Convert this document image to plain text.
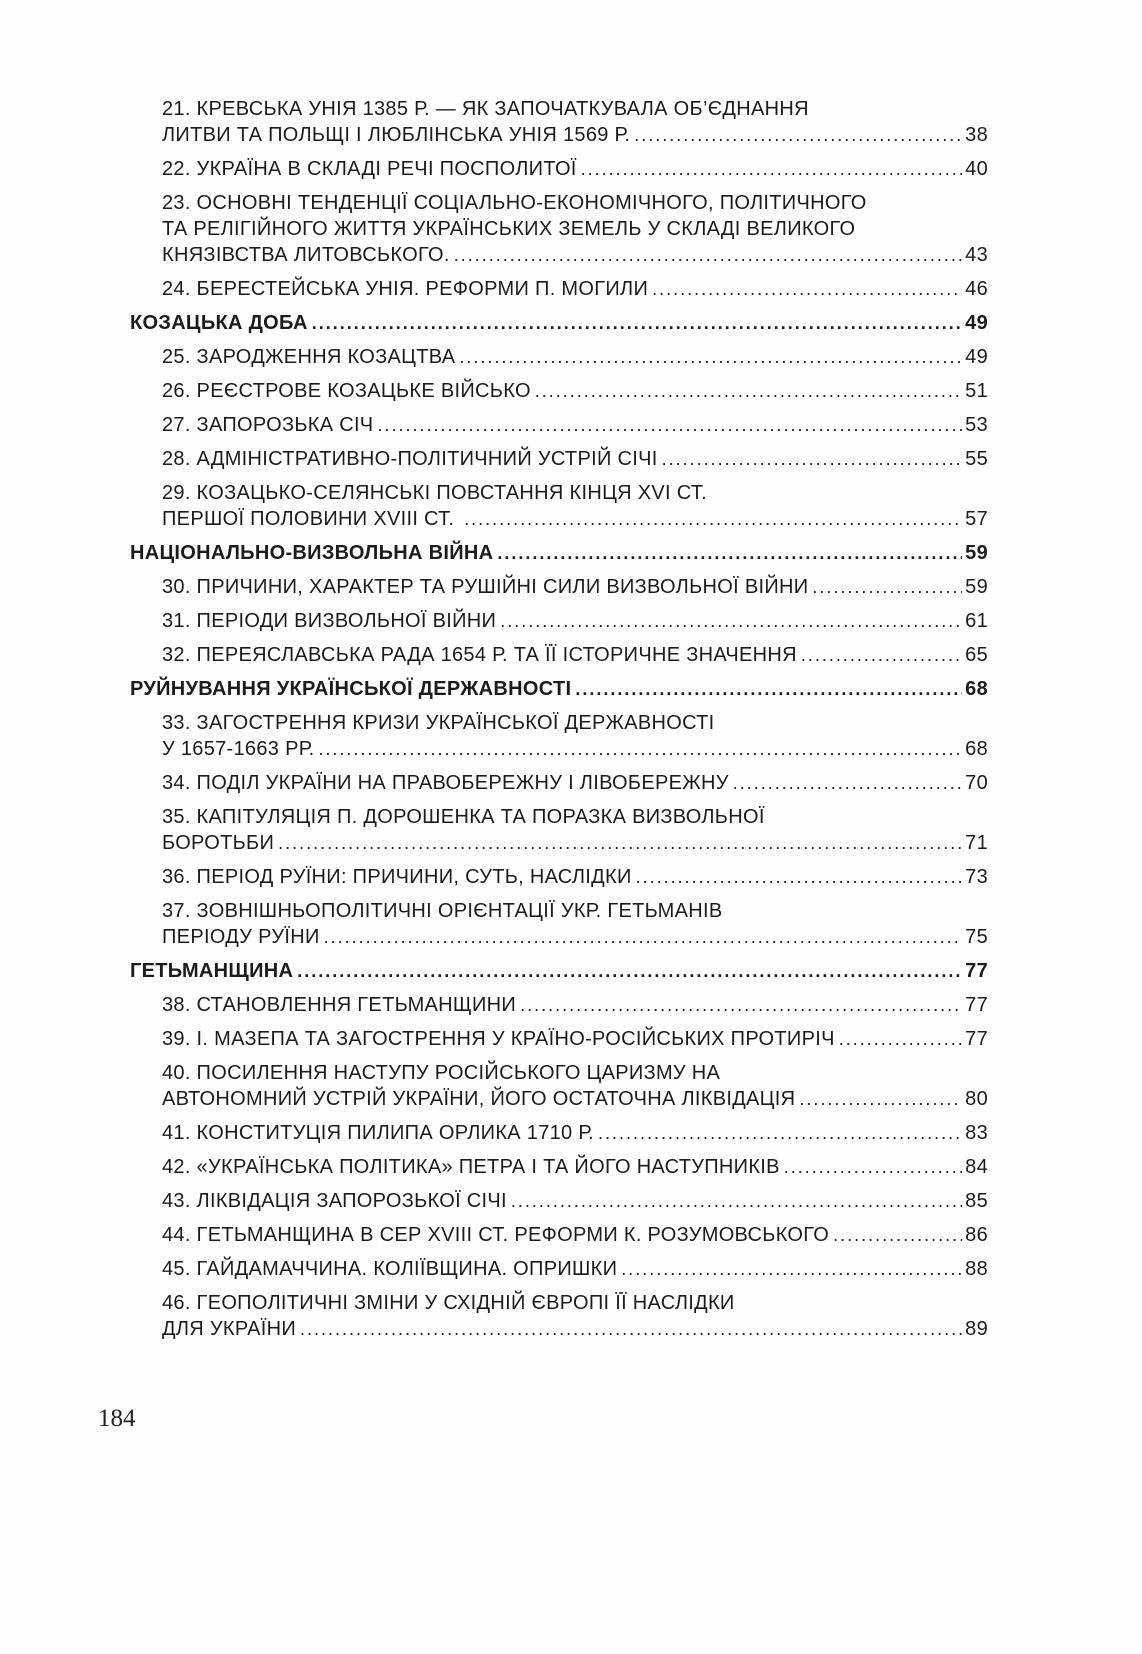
21. КРЕВСЬКА УНІЯ 1385 Р. — ЯК ЗАПОЧАТКУВАЛА ОБ’ЄДНАННЯ
ЛИТВИ ТА ПОЛЬЩІ І ЛЮБЛІНСЬКА УНІЯ 1569 Р. .....	38
22. УКРАЇНА В СКЛАДІ РЕЧІ ПОСПОЛИТОЇ .....	40
23. ОСНОВНІ ТЕНДЕНЦІЇ СОЦІАЛЬНО-ЕКОНОМІЧНОГО, ПОЛІТИЧНОГО
ТА РЕЛІГІЙНОГО ЖИТТЯ УКРАЇНСЬКИХ ЗЕМЕЛЬ У СКЛАДІ ВЕЛИКОГО
КНЯЗІВСТВА ЛИТОВСЬКОГО. .....	43
24. БЕРЕСТЕЙСЬКА УНІЯ. РЕФОРМИ П. МОГИЛИ .....	46
КОЗАЦЬКА ДОБА .....	49
25. ЗАРОДЖЕННЯ КОЗАЦТВА .....	49
26. РЕЄСТРОВЕ КОЗАЦЬКЕ ВІЙСЬКО .....	51
27. ЗАПОРОЗЬКА СІЧ .....	53
28. АДМІНІСТРАТИВНО-ПОЛІТИЧНИЙ УСТРІЙ СІЧІ .....	55
29. КОЗАЦЬКО-СЕЛЯНСЬКІ ПОВСТАННЯ КІНЦЯ XVI СТ.
ПЕРШОЇ ПОЛОВИНИ XVIII СТ. .....	57
НАЦІОНАЛЬНО-ВИЗВОЛЬНА ВІЙНА .....	59
30. ПРИЧИНИ, ХАРАКТЕР ТА РУШІЙНІ СИЛИ ВИЗВОЛЬНОЇ ВІЙНИ .....	59
31. ПЕРІОДИ ВИЗВОЛЬНОЇ ВІЙНИ .....	61
32. ПЕРЕЯСЛАВСЬКА РАДА 1654 Р. ТА ЇЇ ІСТОРИЧНЕ ЗНАЧЕННЯ .....	65
РУЙНУВАННЯ УКРАЇНСЬКОЇ ДЕРЖАВНОСТІ .....	68
33. ЗАГОСТРЕННЯ КРИЗИ УКРАЇНСЬКОЇ ДЕРЖАВНОСТІ
У 1657-1663 РР. .....	68
34. ПОДІЛ УКРАЇНИ НА ПРАВОБЕРЕЖНУ І ЛІВОБЕРЕЖНУ .....	70
35. КАПІТУЛЯЦІЯ П. ДОРОШЕНКА ТА ПОРАЗКА ВИЗВОЛЬНОЇ
БОРОТЬБИ .....	71
36. ПЕРІОД РУЇНИ: ПРИЧИНИ, СУТЬ, НАСЛІДКИ .....	73
37. ЗОВНІШНЬОПОЛІТИЧНІ ОРІЄНТАЦІЇ УКР. ГЕТЬМАНІВ
ПЕРІОДУ РУЇНИ .....	75
ГЕТЬМАНЩИНА .....	77
38. СТАНОВЛЕННЯ ГЕТЬМАНЩИНИ .....	77
39. І. МАЗЕПА ТА ЗАГОСТРЕННЯ У КРАЇНО-РОСІЙСЬКИХ ПРОТИРІЧ .....	77
40. ПОСИЛЕННЯ НАСТУПУ РОСІЙСЬКОГО ЦАРИЗМУ НА
АВТОНОМНИЙ УСТРІЙ УКРАЇНИ, ЙОГО ОСТАТОЧНА ЛІКВІДАЦІЯ .....	80
41. КОНСТИТУЦІЯ ПИЛИПА ОРЛИКА 1710 Р. .....	83
42. «УКРАЇНСЬКА ПОЛІТИКА» ПЕТРА І ТА ЙОГО НАСТУПНИКІВ .....	84
43. ЛІКВІДАЦІЯ ЗАПОРОЗЬКОЇ СІЧІ .....	85
44. ГЕТЬМАНЩИНА В СЕР XVIII СТ. РЕФОРМИ К. РОЗУМОВСЬКОГО .....	86
45. ГАЙДАМАЧЧИНА. КОЛІЇВЩИНА. ОПРИШКИ .....	88
46. ГЕОПОЛІТИЧНІ ЗМІНИ У СХІДНІЙ ЄВРОПІ ЇЇ НАСЛІДКИ
ДЛЯ УКРАЇНИ .....	89
184
